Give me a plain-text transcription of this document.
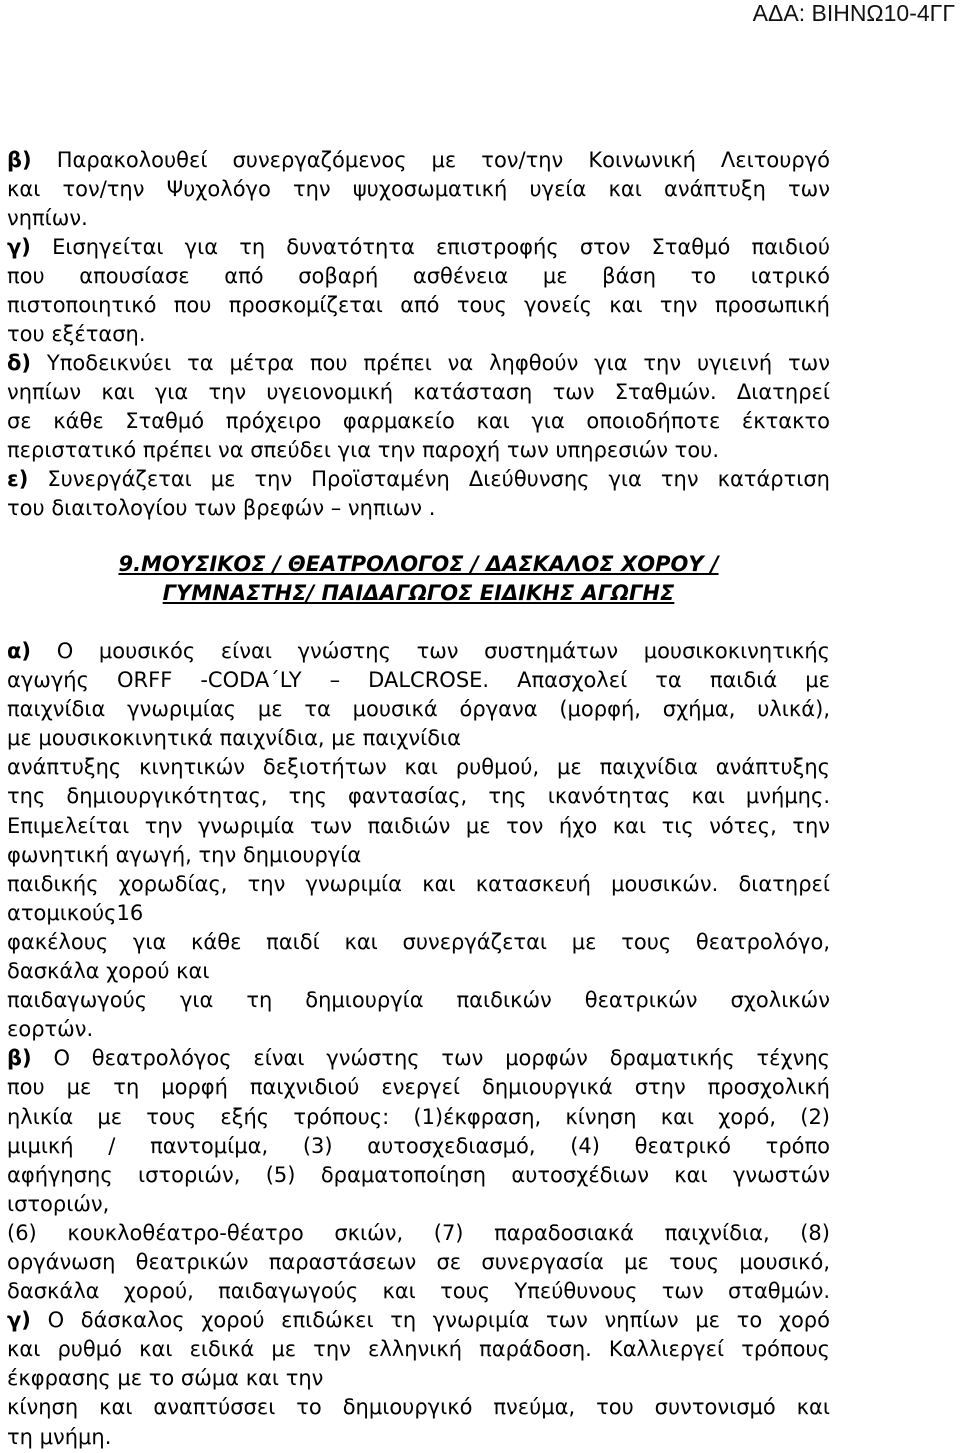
ΑΔΑ: ΒΙΗΝΩ10-4ΓΓ
β) Παρακολουθεί συνεργαζόμενος με τον/την Κοινωνική Λειτουργό
και τον/την Ψυχολόγο την ψυχοσωματική υγεία και ανάπτυξη των
νηπίων.
γ) Εισηγείται για τη δυνατότητα επιστροφής στον Σταθμό παιδιού
που απουσίασε από σοβαρή ασθένεια με βάση το ιατρικό
πιστοποιητικό που προσκομίζεται από τους γονείς και την προσωπική
του εξέταση.
δ) Υποδεικνύει τα μέτρα που πρέπει να ληφθούν για την υγιεινή των
νηπίων και για την υγειονομική κατάσταση των Σταθμών. Διατηρεί
σε κάθε Σταθμό πρόχειρο φαρμακείο και για οποιοδήποτε έκτακτο
περιστατικό πρέπει να σπεύδει για την παροχή των υπηρεσιών του.
ε) Συνεργάζεται με την Προϊσταμένη Διεύθυνσης για την κατάρτιση
του διαιτολογίου των βρεφών – νηπιων .
9.ΜΟΥΣΙΚΟΣ / ΘΕΑΤΡΟΛΟΓΟΣ / ΔΑΣΚΑΛΟΣ ΧΟΡΟΥ /
ΓΥΜΝΑΣΤΗΣ/ ΠΑΙΔΑΓΩΓΟΣ ΕΙΔΙΚΗΣ ΑΓΩΓΗΣ
α) Ο μουσικός είναι γνώστης των συστημάτων μουσικοκινητικής
αγωγής ORFF -CODA΄LY – DALCROSE. Απασχολεί τα παιδιά με
παιχνίδια γνωριμίας με τα μουσικά όργανα (μορφή, σχήμα, υλικά),
με μουσικοκινητικά παιχνίδια, με παιχνίδια
ανάπτυξης κινητικών δεξιοτήτων και ρυθμού, με παιχνίδια ανάπτυξης
της δημιουργικότητας, της φαντασίας, της ικανότητας και μνήμης.
Επιμελείται την γνωριμία των παιδιών με τον ήχο και τις νότες, την
φωνητική αγωγή, την δημιουργία
παιδικής χορωδίας, την γνωριμία και κατασκευή μουσικών. διατηρεί
ατομικούς16
φακέλους για κάθε παιδί και συνεργάζεται με τους θεατρολόγο,
δασκάλα χορού και
παιδαγωγούς για τη δημιουργία παιδικών θεατρικών σχολικών
εορτών.
β) Ο θεατρολόγος είναι γνώστης των μορφών δραματικής τέχνης
που με τη μορφή παιχνιδιού ενεργεί δημιουργικά στην προσχολική
ηλικία με τους εξής τρόπους: (1)έκφραση, κίνηση και χορό, (2)
μιμική / παντομίμα, (3) αυτοσχεδιασμό, (4) θεατρικό τρόπο
αφήγησης ιστοριών, (5) δραματοποίηση αυτοσχέδιων και γνωστών
ιστοριών,
(6) κουκλοθέατρο-θέατρο σκιών, (7) παραδοσιακά παιχνίδια, (8)
οργάνωση θεατρικών παραστάσεων σε συνεργασία με τους μουσικό,
δασκάλα χορού, παιδαγωγούς και τους Υπεύθυνους των σταθμών.
γ) Ο δάσκαλος χορού επιδώκει τη γνωριμία των νηπίων με το χορό
και ρυθμό και ειδικά με την ελληνική παράδοση. Καλλιεργεί τρόπους
έκφρασης με το σώμα και την
κίνηση και αναπτύσσει το δημιουργικό πνεύμα, του συντονισμό και
τη μνήμη.
